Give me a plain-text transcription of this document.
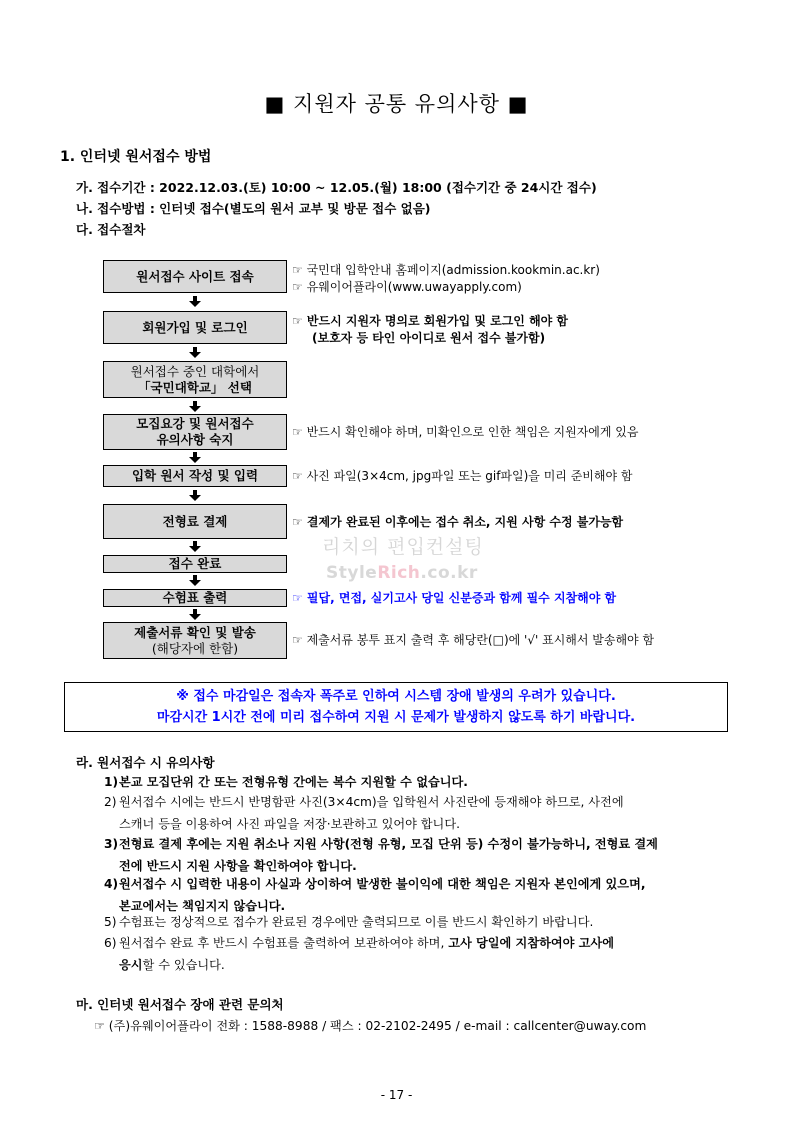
■ 지원자 공통 유의사항 ■
1. 인터넷 원서접수 방법
가. 접수기간 : 2022.12.03.(토) 10:00 ~ 12.05.(월) 18:00 (접수기간 중 24시간 접수)
나. 접수방법 : 인터넷 접수(별도의 원서 교부 및 방문 접수 없음)
다. 접수절차
원서접수 사이트 접속
회원가입 및 로그인
원서접수 중인 대학에서
「국민대학교」 선택
모집요강 및 원서접수
유의사항 숙지
입학 원서 작성 및 입력
전형료 결제
접수 완료
수험표 출력
제출서류 확인 및 발송
(해당자에 한함)
☞ 국민대 입학안내 홈페이지(admission.kookmin.ac.kr)
☞ 유웨이어플라이(www.uwayapply.com)
☞ 반드시 지원자 명의로 회원가입 및 로그인 해야 함
(보호자 등 타인 아이디로 원서 접수 불가함)
☞ 반드시 확인해야 하며, 미확인으로 인한 책임은 지원자에게 있음
☞ 사진 파일(3×4cm, jpg파일 또는 gif파일)을 미리 준비해야 함
☞ 결제가 완료된 이후에는 접수 취소, 지원 사항 수정 불가능함
☞ 필답, 면접, 실기고사 당일 신분증과 함께 필수 지참해야 함
☞ 제출서류 봉투 표지 출력 후 해당란(□)에 '√' 표시해서 발송해야 함
리치의 편입컨설팅
StyleRich.co.kr
※ 접수 마감일은 접속자 폭주로 인하여 시스템 장애 발생의 우려가 있습니다.
마감시간 1시간 전에 미리 접수하여 지원 시 문제가 발생하지 않도록 하기 바랍니다.
라. 원서접수 시 유의사항
1) 본교 모집단위 간 또는 전형유형 간에는 복수 지원할 수 없습니다.
2) 원서접수 시에는 반드시 반명함판 사진(3×4cm)을 입학원서 사진란에 등재해야 하므로, 사전에
스캐너 등을 이용하여 사진 파일을 저장·보관하고 있어야 합니다.
3) 전형료 결제 후에는 지원 취소나 지원 사항(전형 유형, 모집 단위 등) 수정이 불가능하니, 전형료 결제
전에 반드시 지원 사항을 확인하여야 합니다.
4) 원서접수 시 입력한 내용이 사실과 상이하여 발생한 불이익에 대한 책임은 지원자 본인에게 있으며,
본교에서는 책임지지 않습니다.
5) 수험표는 정상적으로 접수가 완료된 경우에만 출력되므로 이를 반드시 확인하기 바랍니다.
6) 원서접수 완료 후 반드시 수험표를 출력하여 보관하여야 하며, 고사 당일에 지참하여야 고사에
응시할 수 있습니다.
마. 인터넷 원서접수 장애 관련 문의처
☞ (주)유웨이어플라이 전화 : 1588-8988 / 팩스 : 02-2102-2495 / e-mail : callcenter@uway.com
- 17 -
